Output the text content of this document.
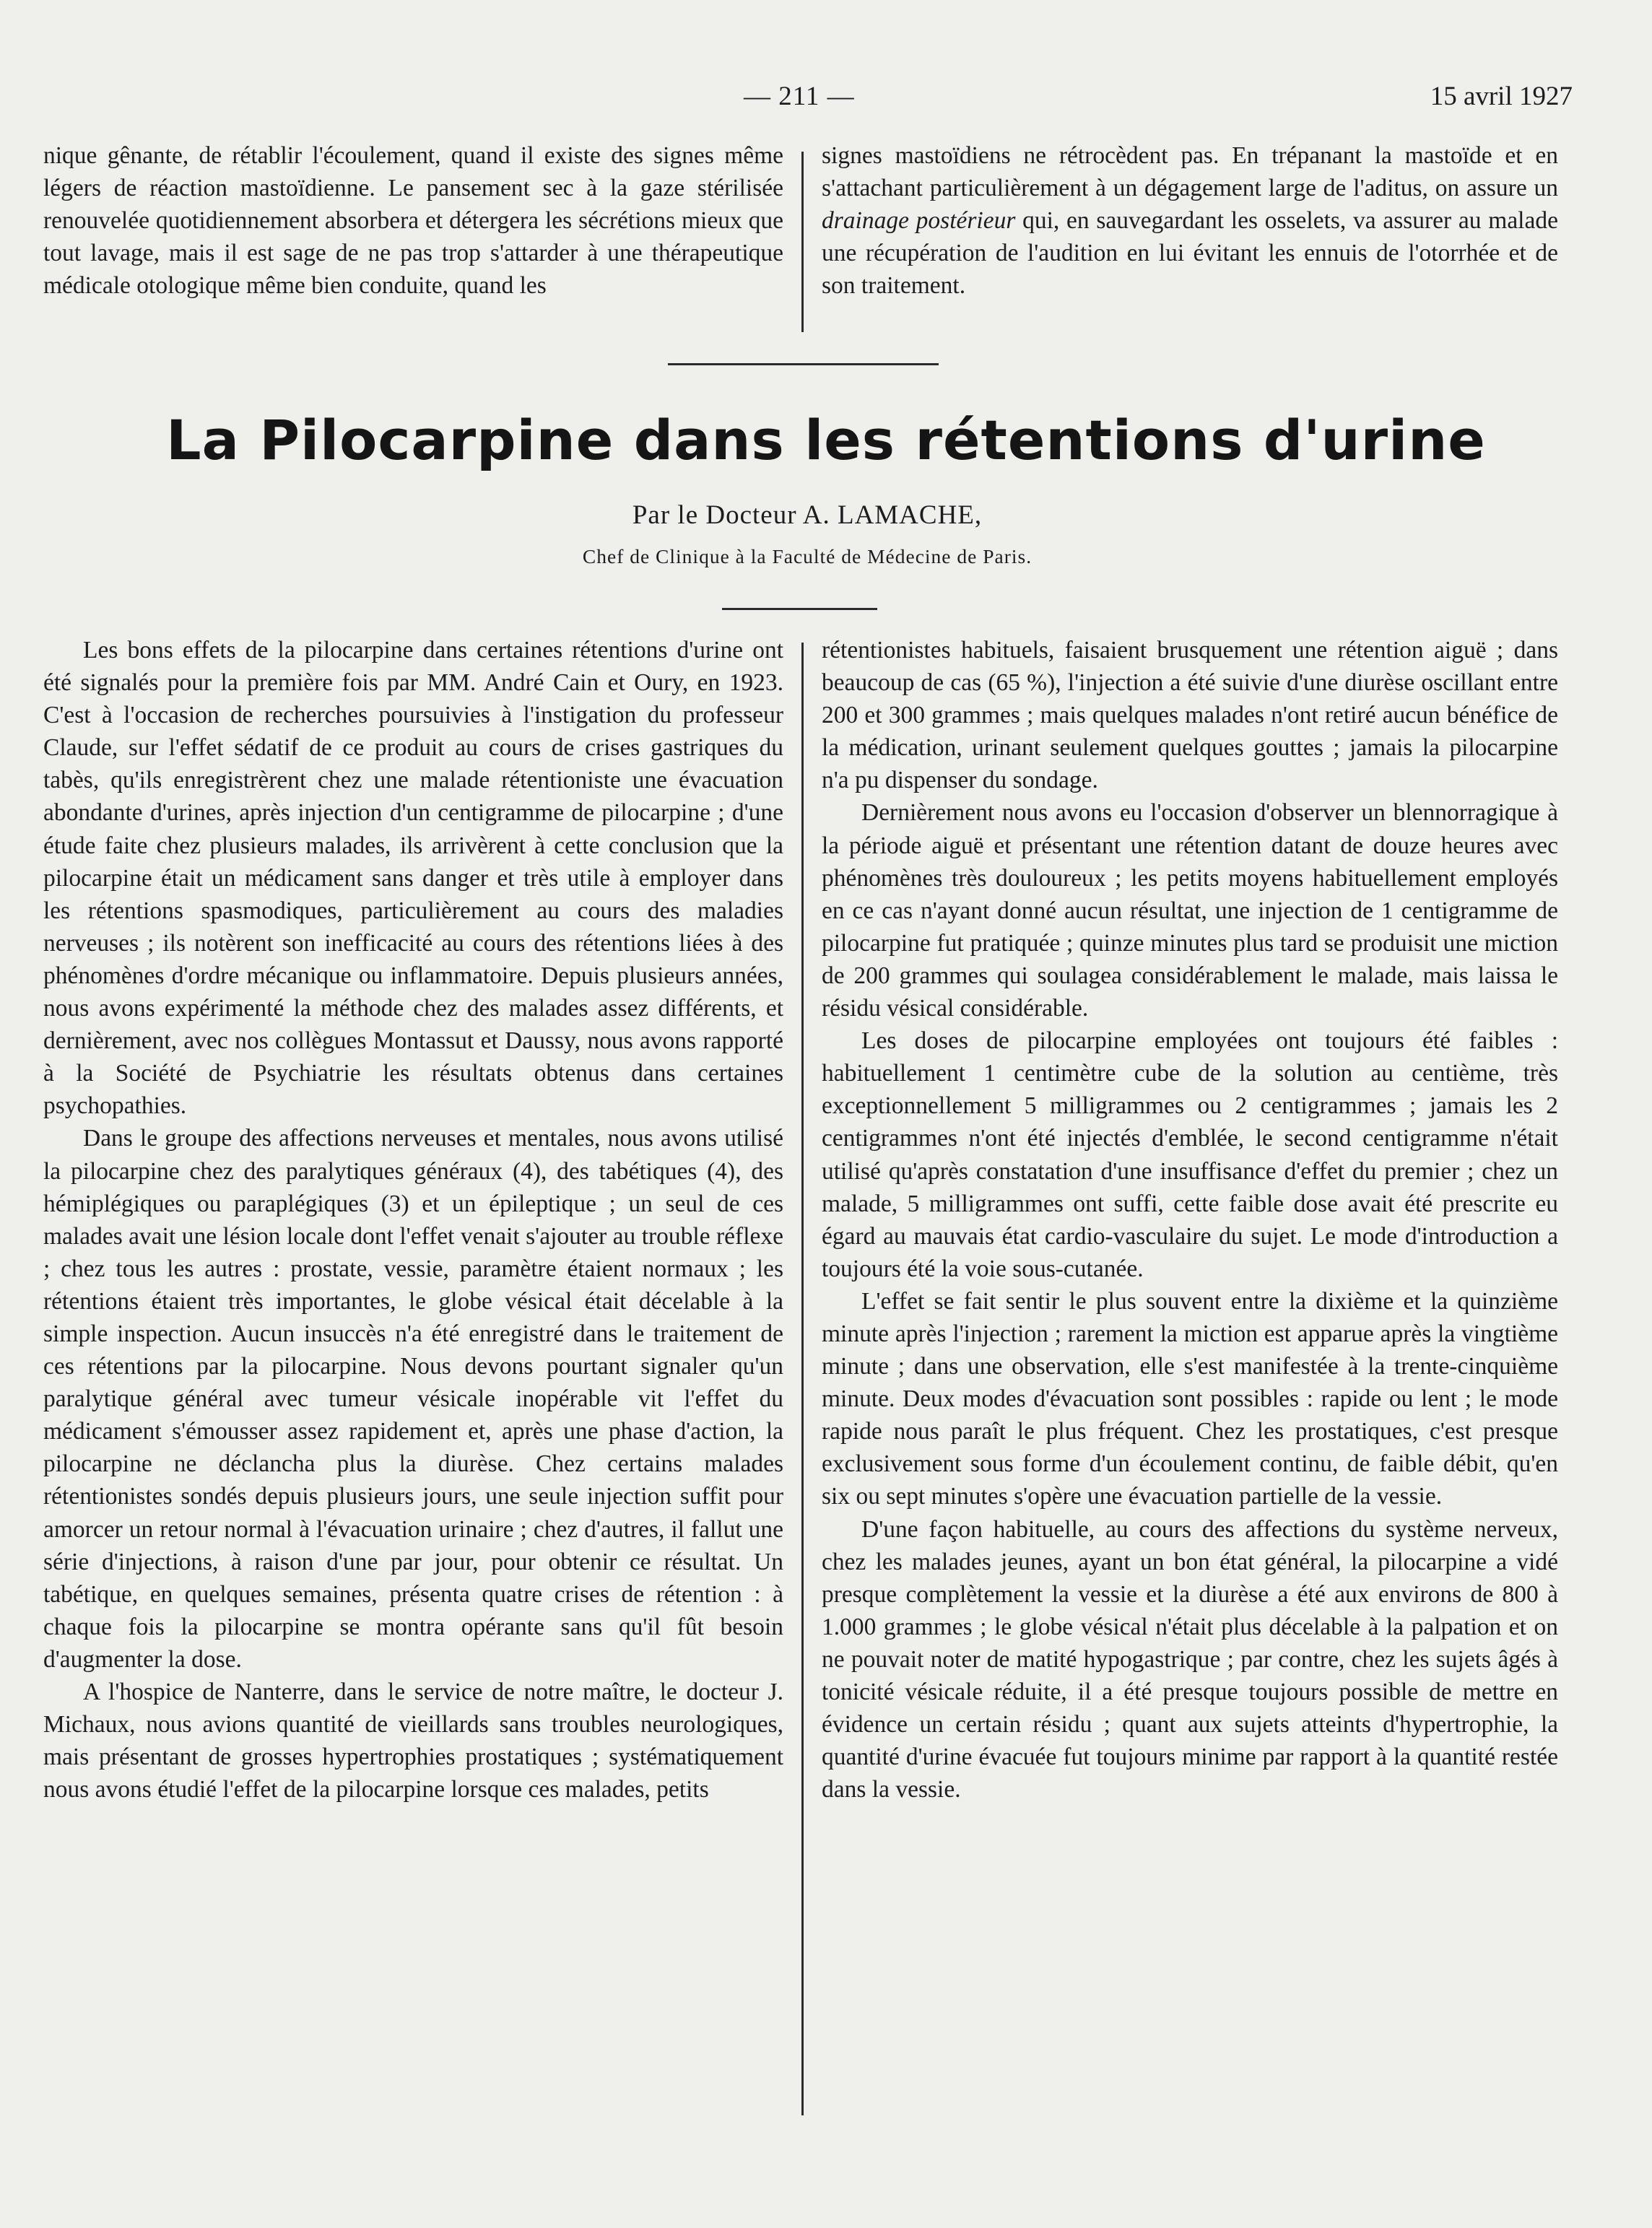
— 211 —	15 avril 1927

nique gênante, de rétablir l'écoulement, quand il existe des signes même légers de réaction mastoïdienne. Le pansement sec à la gaze stérilisée renouvelée quotidiennement absorbera et détergera les sécrétions mieux que tout lavage, mais il est sage de ne pas trop s'attarder à une thérapeutique médicale otologique même bien conduite, quand les

signes mastoïdiens ne rétrocèdent pas. En trépanant la mastoïde et en s'attachant particulièrement à un dégagement large de l'aditus, on assure un drainage postérieur qui, en sauvegardant les osselets, va assurer au malade une récupération de l'audition en lui évitant les ennuis de l'otorrhée et de son traitement.

La Pilocarpine dans les rétentions d'urine
Par le Docteur A. LAMACHE,
Chef de Clinique à la Faculté de Médecine de Paris.

Les bons effets de la pilocarpine dans certaines rétentions d'urine ont été signalés pour la première fois par MM. André Cain et Oury, en 1923. C'est à l'occasion de recherches poursuivies à l'instigation du professeur Claude, sur l'effet sédatif de ce produit au cours de crises gastriques du tabès, qu'ils enregistrèrent chez une malade rétentioniste une évacuation abondante d'urines, après injection d'un centigramme de pilocarpine ; d'une étude faite chez plusieurs malades, ils arrivèrent à cette conclusion que la pilocarpine était un médicament sans danger et très utile à employer dans les rétentions spasmodiques, particulièrement au cours des maladies nerveuses ; ils notèrent son inefficacité au cours des rétentions liées à des phénomènes d'ordre mécanique ou inflammatoire. Depuis plusieurs années, nous avons expérimenté la méthode chez des malades assez différents, et dernièrement, avec nos collègues Montassut et Daussy, nous avons rapporté à la Société de Psychiatrie les résultats obtenus dans certaines psychopathies.

Dans le groupe des affections nerveuses et mentales, nous avons utilisé la pilocarpine chez des paralytiques généraux (4), des tabétiques (4), des hémiplégiques ou paraplégiques (3) et un épileptique ; un seul de ces malades avait une lésion locale dont l'effet venait s'ajouter au trouble réflexe ; chez tous les autres : prostate, vessie, paramètre étaient normaux ; les rétentions étaient très importantes, le globe vésical était décelable à la simple inspection. Aucun insuccès n'a été enregistré dans le traitement de ces rétentions par la pilocarpine. Nous devons pourtant signaler qu'un paralytique général avec tumeur vésicale inopérable vit l'effet du médicament s'émousser assez rapidement et, après une phase d'action, la pilocarpine ne déclancha plus la diurèse. Chez certains malades rétentionistes sondés depuis plusieurs jours, une seule injection suffit pour amorcer un retour normal à l'évacuation urinaire ; chez d'autres, il fallut une série d'injections, à raison d'une par jour, pour obtenir ce résultat. Un tabétique, en quelques semaines, présenta quatre crises de rétention : à chaque fois la pilocarpine se montra opérante sans qu'il fût besoin d'augmenter la dose.

A l'hospice de Nanterre, dans le service de notre maître, le docteur J. Michaux, nous avions quantité de vieillards sans troubles neurologiques, mais présentant de grosses hypertrophies prostatiques ; systématiquement nous avons étudié l'effet de la pilocarpine lorsque ces malades, petits

rétentionistes habituels, faisaient brusquement une rétention aiguë ; dans beaucoup de cas (65 %), l'injection a été suivie d'une diurèse oscillant entre 200 et 300 grammes ; mais quelques malades n'ont retiré aucun bénéfice de la médication, urinant seulement quelques gouttes ; jamais la pilocarpine n'a pu dispenser du sondage.

Dernièrement nous avons eu l'occasion d'observer un blennorragique à la période aiguë et présentant une rétention datant de douze heures avec phénomènes très douloureux ; les petits moyens habituellement employés en ce cas n'ayant donné aucun résultat, une injection de 1 centigramme de pilocarpine fut pratiquée ; quinze minutes plus tard se produisit une miction de 200 grammes qui soulagea considérablement le malade, mais laissa le résidu vésical considérable.

Les doses de pilocarpine employées ont toujours été faibles : habituellement 1 centimètre cube de la solution au centième, très exceptionnellement 5 milligrammes ou 2 centigrammes ; jamais les 2 centigrammes n'ont été injectés d'emblée, le second centigramme n'était utilisé qu'après constatation d'une insuffisance d'effet du premier ; chez un malade, 5 milligrammes ont suffi, cette faible dose avait été prescrite eu égard au mauvais état cardio-vasculaire du sujet. Le mode d'introduction a toujours été la voie sous-cutanée.

L'effet se fait sentir le plus souvent entre la dixième et la quinzième minute après l'injection ; rarement la miction est apparue après la vingtième minute ; dans une observation, elle s'est manifestée à la trente-cinquième minute. Deux modes d'évacuation sont possibles : rapide ou lent ; le mode rapide nous paraît le plus fréquent. Chez les prostatiques, c'est presque exclusivement sous forme d'un écoulement continu, de faible débit, qu'en six ou sept minutes s'opère une évacuation partielle de la vessie.

D'une façon habituelle, au cours des affections du système nerveux, chez les malades jeunes, ayant un bon état général, la pilocarpine a vidé presque complètement la vessie et la diurèse a été aux environs de 800 à 1.000 grammes ; le globe vésical n'était plus décelable à la palpation et on ne pouvait noter de matité hypogastrique ; par contre, chez les sujets âgés à tonicité vésicale réduite, il a été presque toujours possible de mettre en évidence un certain résidu ; quant aux sujets atteints d'hypertrophie, la quantité d'urine évacuée fut toujours minime par rapport à la quantité restée dans la vessie.
